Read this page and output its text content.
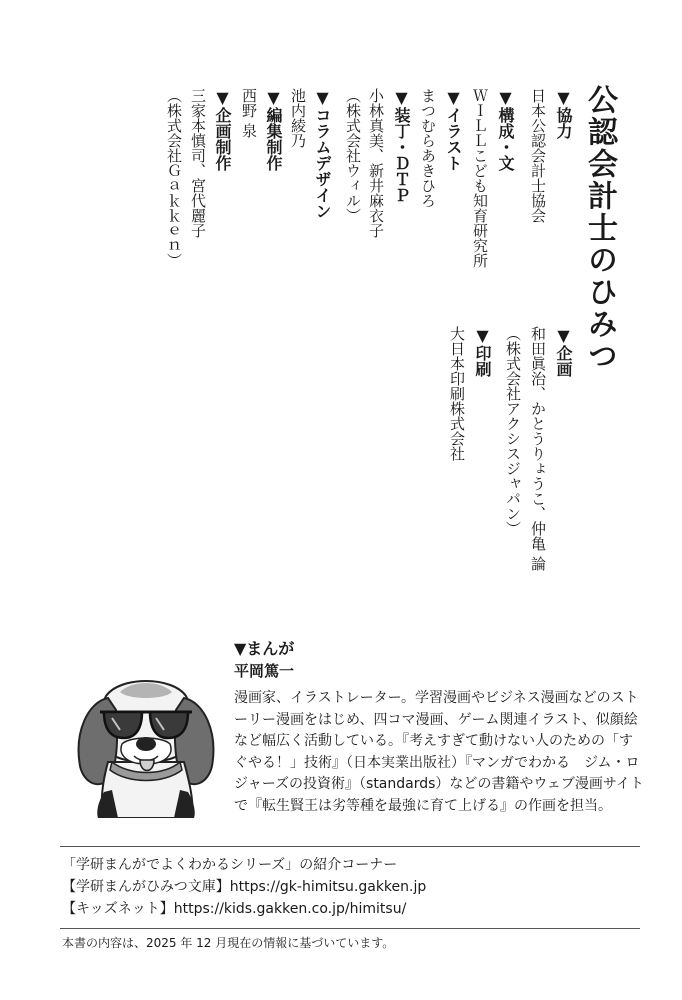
公認会計士のひみつ
▼協力
日本公認会計士協会
▼構成・文
ＷＩＬＬこども知育研究所
▼イラスト
まつむらあきひろ
▼装丁・ＤＴＰ
小林真美、新井麻衣子
（株式会社ウィル）
▼コラムデザイン
池内綾乃
▼編集制作
西野 泉
▼企画制作
三家本慎司、宮代麗子
（株式会社Ｇａｋｋｅｎ）
▼企画
和田眞治、かとうりょうこ、仲亀 論
（株式会社アクシスジャパン）
▼印刷
大日本印刷株式会社
▼まんが
平岡篤一

漫画家、イラストレーター。学習漫画やビジネス漫画などのストーリー漫画をはじめ、四コマ漫画、ゲーム関連イラスト、似顔絵など幅広く活動している。『考えすぎて動けない人のための「すぐやる！」技術』（日本実業出版社）『マンガでわかる　ジム・ロジャーズの投資術』（standards）などの書籍やウェブ漫画サイトで『転生賢王は劣等種を最強に育て上げる』の作画を担当。

「学研まんがでよくわかるシリーズ」の紹介コーナー
【学研まんがひみつ文庫】https://gk-himitsu.gakken.jp
【キッズネット】https://kids.gakken.co.jp/himitsu/
本書の内容は、2025 年 12 月現在の情報に基づいています。
